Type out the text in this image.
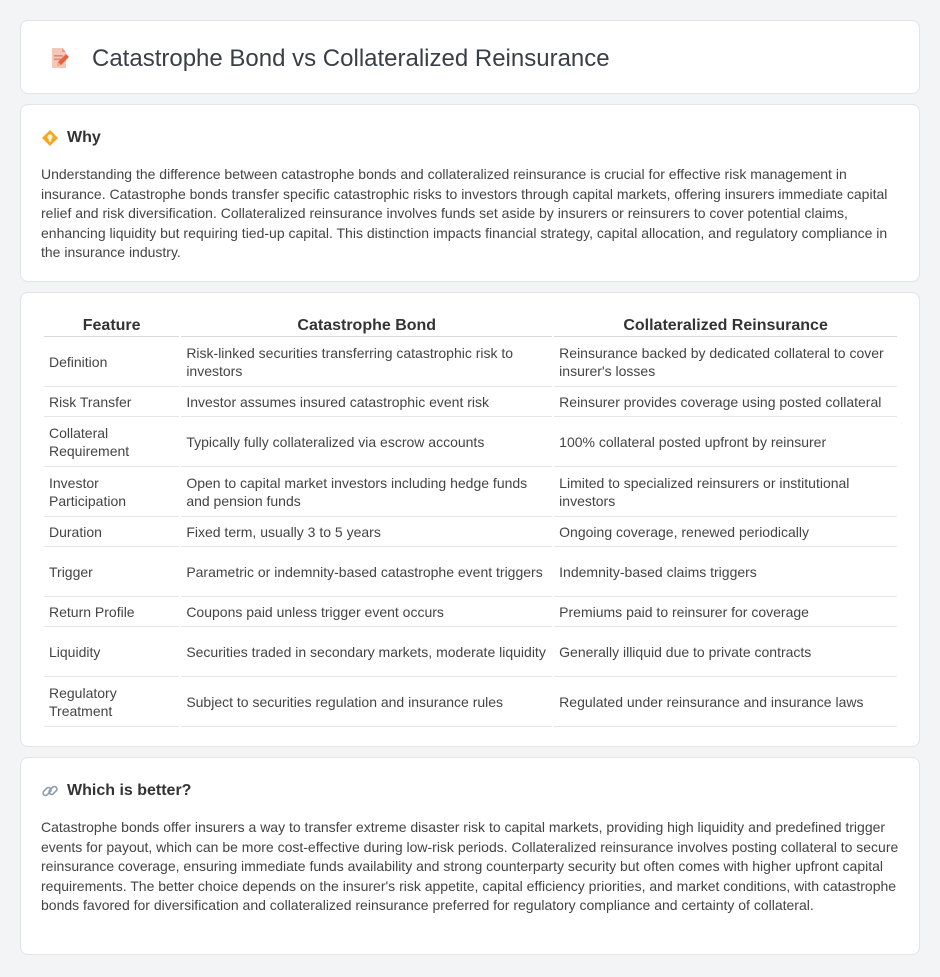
Catastrophe Bond vs Collateralized Reinsurance
Why

Understanding the difference between catastrophe bonds and collateralized reinsurance is crucial for effective risk management in insurance. Catastrophe bonds transfer specific catastrophic risks to investors through capital markets, offering insurers immediate capital relief and risk diversification. Collateralized reinsurance involves funds set aside by insurers or reinsurers to cover potential claims, enhancing liquidity but requiring tied-up capital. This distinction impacts financial strategy, capital allocation, and regulatory compliance in the insurance industry.

Feature	Catastrophe Bond	Collateralized Reinsurance
Definition	Risk-linked securities transferring catastrophic risk to investors	Reinsurance backed by dedicated collateral to cover insurer's losses
Risk Transfer	Investor assumes insured catastrophic event risk	Reinsurer provides coverage using posted collateral
Collateral Requirement	Typically fully collateralized via escrow accounts	100% collateral posted upfront by reinsurer
Investor Participation	Open to capital market investors including hedge funds and pension funds	Limited to specialized reinsurers or institutional investors
Duration	Fixed term, usually 3 to 5 years	Ongoing coverage, renewed periodically
Trigger	Parametric or indemnity-based catastrophe event triggers	Indemnity-based claims triggers
Return Profile	Coupons paid unless trigger event occurs	Premiums paid to reinsurer for coverage
Liquidity	Securities traded in secondary markets, moderate liquidity	Generally illiquid due to private contracts
Regulatory Treatment	Subject to securities regulation and insurance rules	Regulated under reinsurance and insurance laws
Which is better?

Catastrophe bonds offer insurers a way to transfer extreme disaster risk to capital markets, providing high liquidity and predefined trigger events for payout, which can be more cost-effective during low-risk periods. Collateralized reinsurance involves posting collateral to secure reinsurance coverage, ensuring immediate funds availability and strong counterparty security but often comes with higher upfront capital requirements. The better choice depends on the insurer's risk appetite, capital efficiency priorities, and market conditions, with catastrophe bonds favored for diversification and collateralized reinsurance preferred for regulatory compliance and certainty of collateral.
